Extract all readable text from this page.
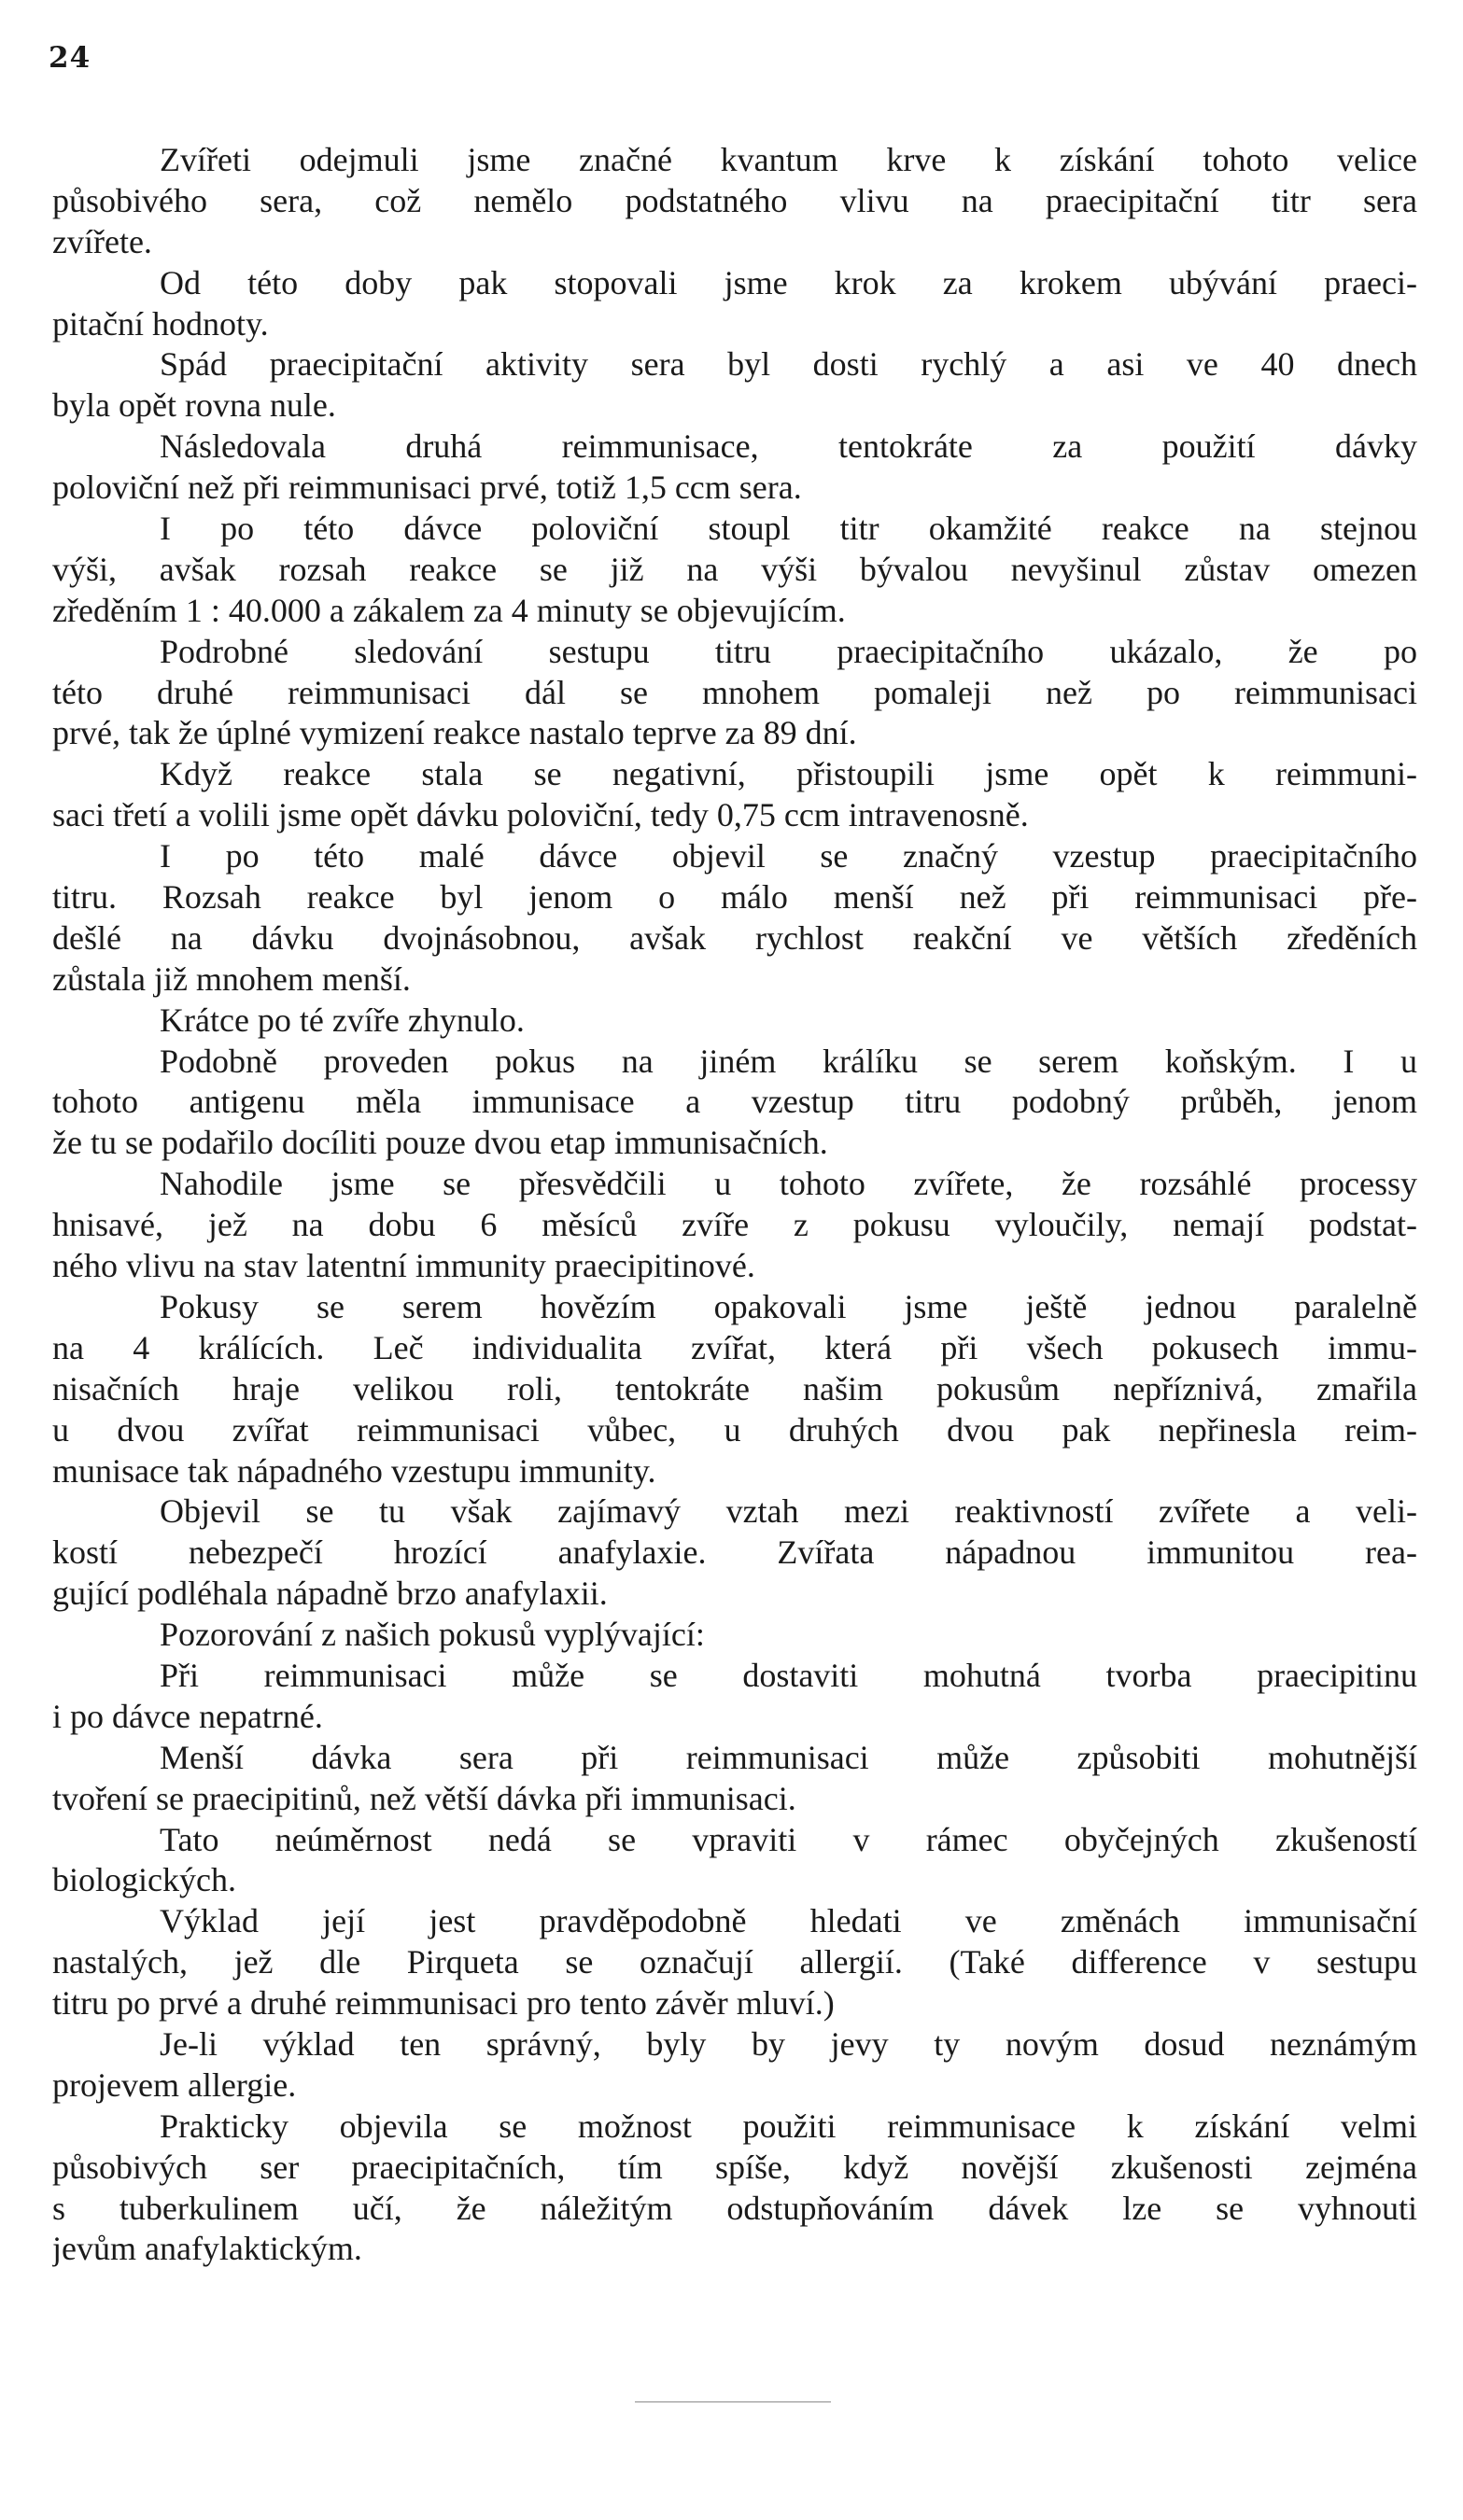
24
Zvířeti odejmuli jsme značné kvantum krve k získání tohoto velice
působivého sera, což nemělo podstatného vlivu na praecipitační titr sera
zvířete.
Od této doby pak stopovali jsme krok za krokem ubývání praeci-
pitační hodnoty.
Spád praecipitační aktivity sera byl dosti rychlý a asi ve 40 dnech
byla opět rovna nule.
Následovala druhá reimmunisace, tentokráte za použití dávky
poloviční než při reimmunisaci prvé, totiž 1,5 ccm sera.
I po této dávce poloviční stoupl titr okamžité reakce na stejnou
výši, avšak rozsah reakce se již na výši bývalou nevyšinul zůstav omezen
zředěním 1 : 40.000 a zákalem za 4 minuty se objevujícím.
Podrobné sledování sestupu titru praecipitačního ukázalo, že po
této druhé reimmunisaci dál se mnohem pomaleji než po reimmunisaci
prvé, tak že úplné vymizení reakce nastalo teprve za 89 dní.
Když reakce stala se negativní, přistoupili jsme opět k reimmuni-
saci třetí a volili jsme opět dávku poloviční, tedy 0,75 ccm intravenosně.
I po této malé dávce objevil se značný vzestup praecipitačního
titru. Rozsah reakce byl jenom o málo menší než při reimmunisaci pře-
dešlé na dávku dvojnásobnou, avšak rychlost reakční ve větších zředěních
zůstala již mnohem menší.
Krátce po té zvíře zhynulo.
Podobně proveden pokus na jiném králíku se serem koňským. I u
tohoto antigenu měla immunisace a vzestup titru podobný průběh, jenom
že tu se podařilo docíliti pouze dvou etap immunisačních.
Nahodile jsme se přesvědčili u tohoto zvířete, že rozsáhlé processy
hnisavé, jež na dobu 6 měsíců zvíře z pokusu vyloučily, nemají podstat-
ného vlivu na stav latentní immunity praecipitinové.
Pokusy se serem hovězím opakovali jsme ještě jednou paralelně
na 4 králících. Leč individualita zvířat, která při všech pokusech immu-
nisačních hraje velikou roli, tentokráte našim pokusům nepříznivá, zmařila
u dvou zvířat reimmunisaci vůbec, u druhých dvou pak nepřinesla reim-
munisace tak nápadného vzestupu immunity.
Objevil se tu však zajímavý vztah mezi reaktivností zvířete a veli-
kostí nebezpečí hrozící anafylaxie. Zvířata nápadnou immunitou rea-
gující podléhala nápadně brzo anafylaxii.
Pozorování z našich pokusů vyplývající:
Při reimmunisaci může se dostaviti mohutná tvorba praecipitinu
i po dávce nepatrné.
Menší dávka sera při reimmunisaci může způsobiti mohutnější
tvoření se praecipitinů, než větší dávka při immunisaci.
Tato neúměrnost nedá se vpraviti v rámec obyčejných zkušeností
biologických.
Výklad její jest pravděpodobně hledati ve změnách immunisační
nastalých, jež dle Pirqueta se označují allergií. (Také difference v sestupu
titru po prvé a druhé reimmunisaci pro tento závěr mluví.)
Je-li výklad ten správný, byly by jevy ty novým dosud neznámým
projevem allergie.
Prakticky objevila se možnost použiti reimmunisace k získání velmi
působivých ser praecipitačních, tím spíše, když novější zkušenosti zejména
s tuberkulinem učí, že náležitým odstupňováním dávek lze se vyhnouti
jevům anafylaktickým.
